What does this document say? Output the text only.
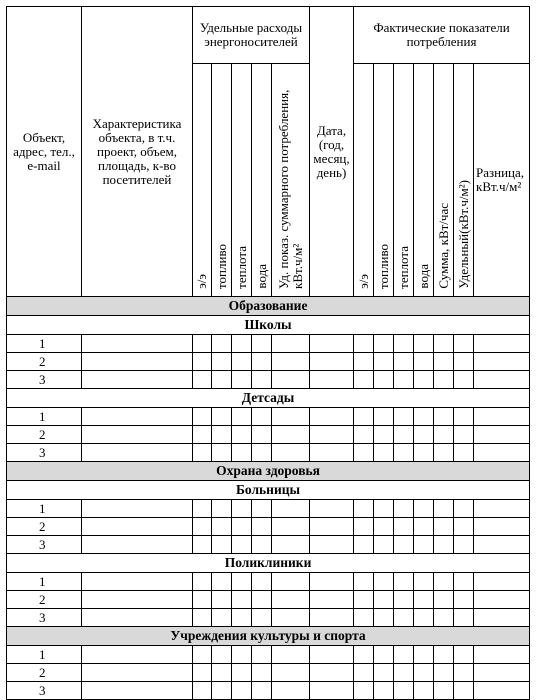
Объект, адрес, тел., e-mail	Характеристика объекта, в т.ч. проект, объем, площадь, к-во посетителей	Удельные расходы энергоносителей					Дата, (год, месяц, день)	Фактические показатели потребления						

		э/э	топливо	теплота	вода	Уд. показ. суммарного потребления, кВт.ч/м²		э/э	топливо	теплота	вода	Сумма, кВт/час	Удельный(кВт.ч/м²)	Разница, кВт.ч/м²

Образование														
Школы														
1														
2														
3														
Детсады														
1														
2														
3														
Охрана здоровья														
Больницы														
1														
2														
3														
Поликлиники														
1														
2														
3														
Учреждения культуры и спорта														
1														
2														
3														
